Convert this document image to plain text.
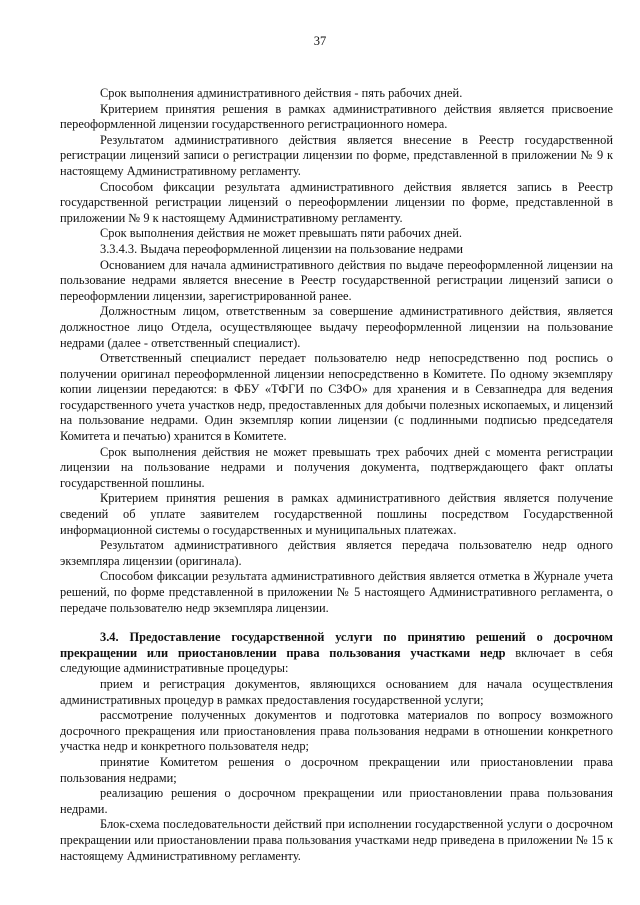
37

Срок выполнения административного действия - пять рабочих дней.

Критерием принятия решения в рамках административного действия является присвоение переоформленной лицензии государственного регистрационного номера.

Результатом административного действия является внесение в Реестр государственной регистрации лицензий записи о регистрации лицензии по форме, представленной в приложении № 9 к настоящему Административному регламенту.

Способом фиксации результата административного действия является запись в Реестр государственной регистрации лицензий о переоформлении лицензии по форме, представленной в приложении № 9 к настоящему Административному регламенту.

Срок выполнения действия не может превышать пяти рабочих дней.

3.3.4.3. Выдача переоформленной лицензии на пользование недрами

Основанием для начала административного действия по выдаче переоформленной лицензии на пользование недрами является внесение в Реестр государственной регистрации лицензий записи о переоформлении лицензии, зарегистрированной ранее.

Должностным лицом, ответственным за совершение административного действия, является должностное лицо Отдела, осуществляющее выдачу переоформленной лицензии на пользование недрами (далее - ответственный специалист).

Ответственный специалист передает пользователю недр непосредственно под роспись о получении оригинал переоформленной лицензии непосредственно в Комитете. По одному экземпляру копии лицензии передаются: в ФБУ «ТФГИ по СЗФО» для хранения и в Севзапнедра для ведения государственного учета участков недр, предоставленных для добычи полезных ископаемых, и лицензий на пользование недрами. Один экземпляр копии лицензии (с подлинными подписью председателя Комитета и печатью) хранится в Комитете.

Срок выполнения действия не может превышать трех рабочих дней с момента регистрации лицензии на пользование недрами и получения документа, подтверждающего факт оплаты государственной пошлины.

Критерием принятия решения в рамках административного действия является получение сведений об уплате заявителем государственной пошлины посредством Государственной информационной системы о государственных и муниципальных платежах.

Результатом административного действия является передача пользователю недр одного экземпляра лицензии (оригинала).

Способом фиксации результата административного действия является отметка в Журнале учета решений, по форме представленной в приложении № 5 настоящего Административного регламента, о передаче пользователю недр экземпляра лицензии.

3.4. Предоставление государственной услуги по принятию решений о досрочном прекращении или приостановлении права пользования участками недр включает в себя следующие административные процедуры:

прием и регистрация документов, являющихся основанием для начала осуществления административных процедур в рамках предоставления государственной услуги;

рассмотрение полученных документов и подготовка материалов по вопросу возможного досрочного прекращения или приостановления права пользования недрами в отношении конкретного участка недр и конкретного пользователя недр;

принятие Комитетом решения о досрочном прекращении или приостановлении права пользования недрами;

реализацию решения о досрочном прекращении или приостановлении права пользования недрами.

Блок-схема последовательности действий при исполнении государственной услуги о досрочном прекращении или приостановлении права пользования участками недр приведена в приложении № 15 к настоящему Административному регламенту.
